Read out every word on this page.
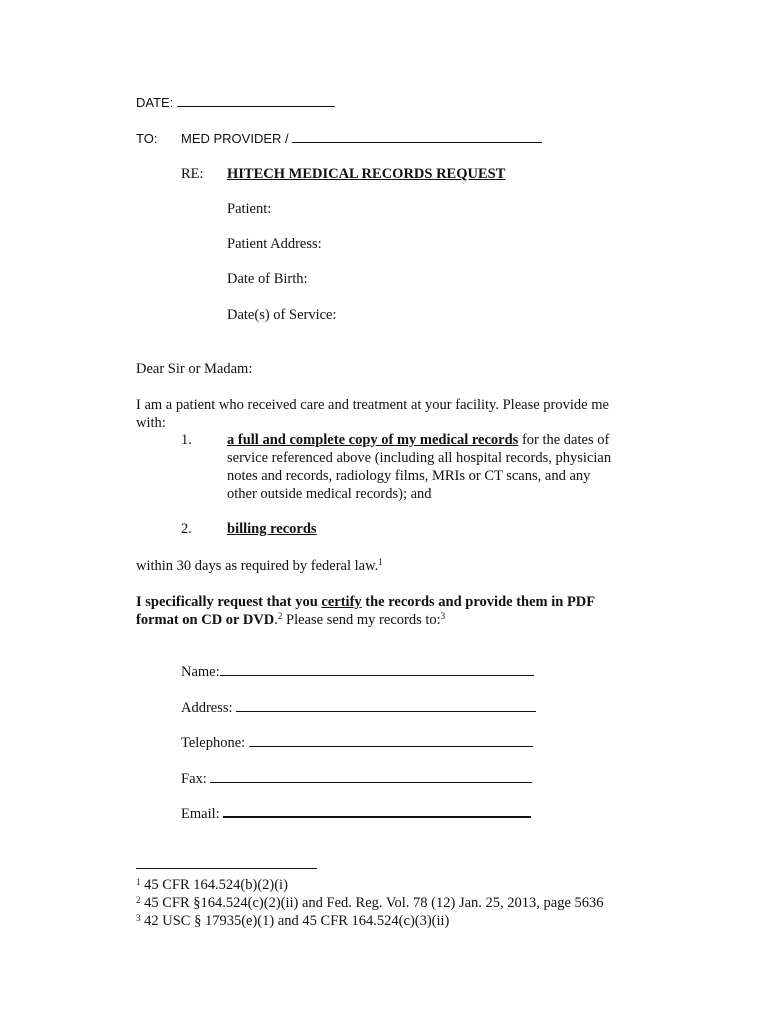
DATE:
TO: MED PROVIDER /
RE: HITECH MEDICAL RECORDS REQUEST
Patient:
Patient Address:
Date of Birth:
Date(s) of Service:
Dear Sir or Madam:
I am a patient who received care and treatment at your facility. Please provide me
with:
1. a full and complete copy of my medical records for the dates of
service referenced above (including all hospital records, physician
notes and records, radiology films, MRIs or CT scans, and any
other outside medical records); and
2. billing records
within 30 days as required by federal law.$^1$
I specifically request that you certify the records and provide them in PDF
format on CD or DVD.$^2$ Please send my records to:$^3$
Name:
Address:
Telephone:
Fax:
Email:
$^1$ 45 CFR 164.524(b)(2)(i)
$^2$ 45 CFR §164.524(c)(2)(ii) and Fed. Reg. Vol. 78 (12) Jan. 25, 2013, page 5636
$^3$ 42 USC § 17935(e)(1) and 45 CFR 164.524(c)(3)(ii)
